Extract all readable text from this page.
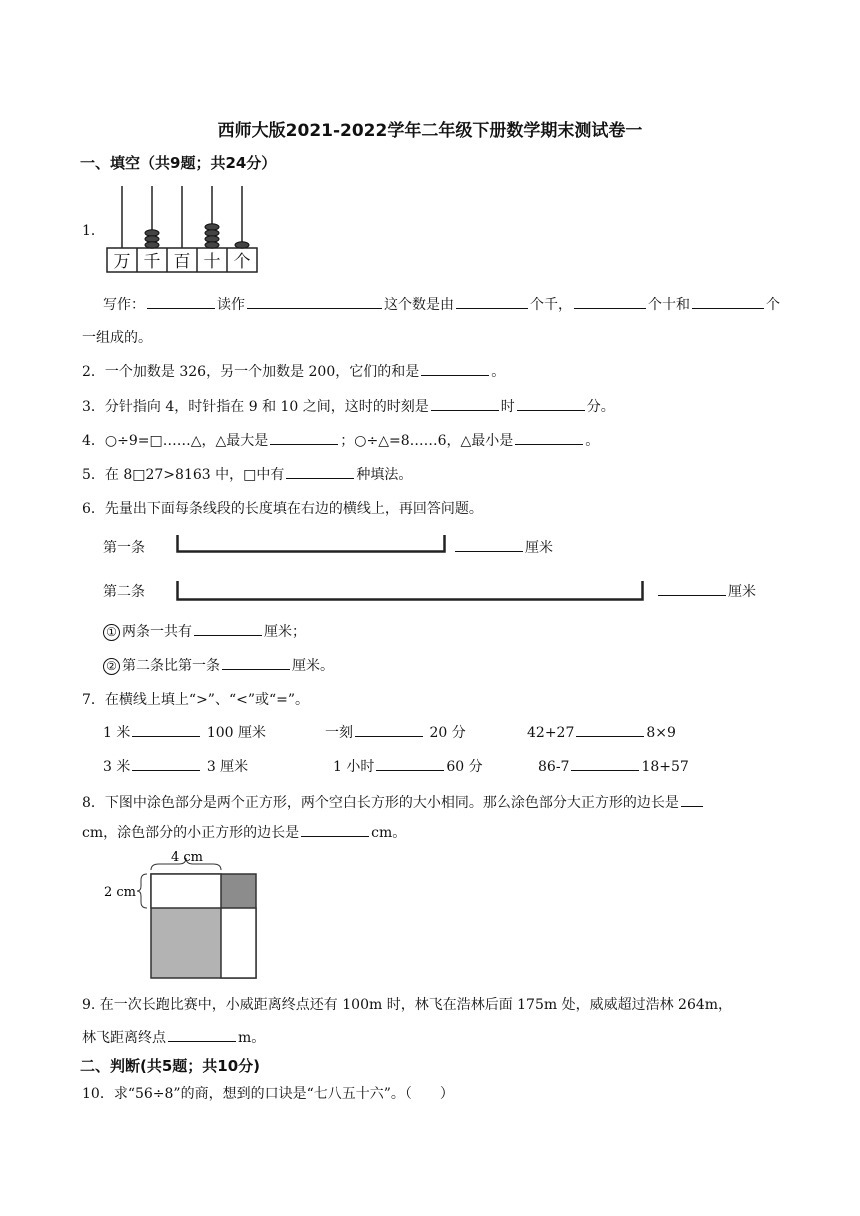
西师大版2021-2022学年二年级下册数学期末测试卷一
一、填空（共9题；共24分）
1．
万 千 百 十 个
写作：	读作	这个数是由	个千，	个十和	个
一组成的。
2．一个加数是 326，另一个加数是 200，它们的和是	。
3．分针指向 4，时针指在 9 和 10 之间，这时的时刻是	时	分。
4．○÷9=□……△，△最大是	；○÷△=8……6，△最小是	。
5．在 8□27>8163 中，□中有	种填法。
6．先量出下面每条线段的长度填在右边的横线上，再回答问题。
第一条	厘米
第二条	厘米
① 两条一共有	厘米；
② 第二条比第一条	厘米。
7．在横线上填上“>”、“<”或“=”。
1 米	100 厘米	一刻	20 分	42+27	8×9
3 米	3 厘米	1 小时	60 分	86-7	18+57
8．下图中涂色部分是两个正方形，两个空白长方形的大小相同。那么涂色部分大正方形的边长是
cm，涂色部分的小正方形的边长是	cm。
4 cm
2 cm
9. 在一次长跑比赛中，小威距离终点还有 100m 时，林飞在浩林后面 175m 处，威威超过浩林 264m，
林飞距离终点	m。
二、判断(共5题；共10分)
10．求“56÷8”的商，想到的口诀是“七八五十六”。（　　）
